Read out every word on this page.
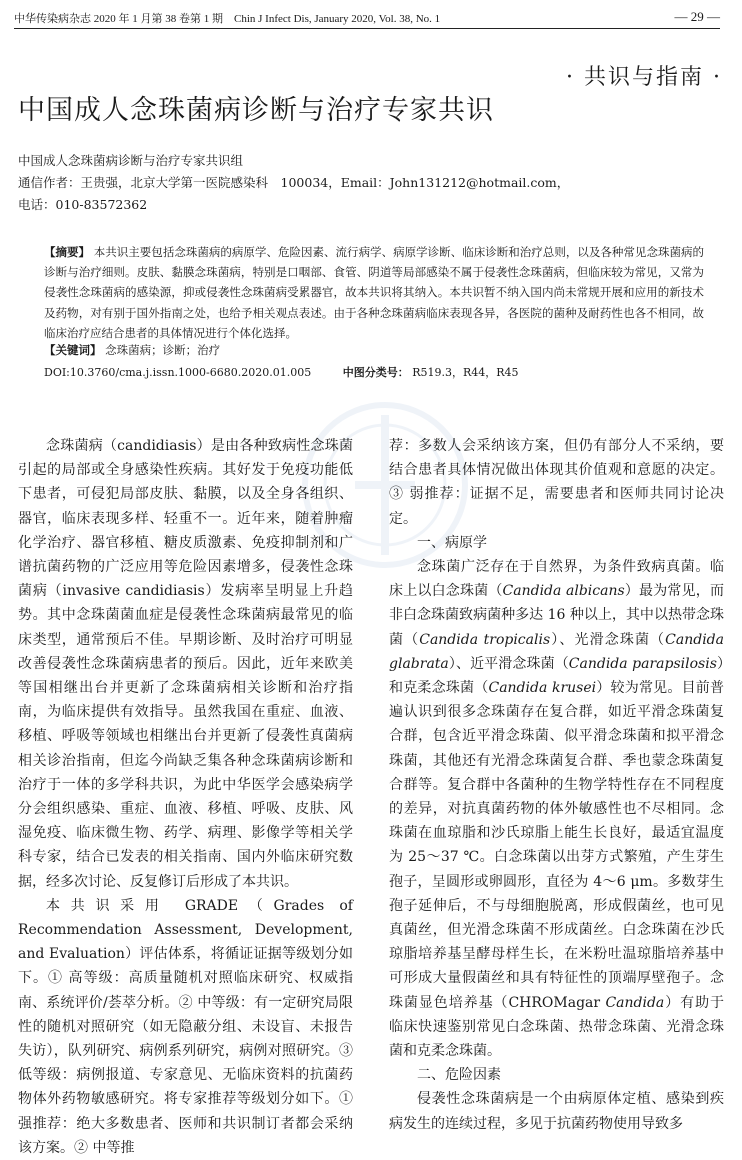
中华传染病杂志 2020 年 1 月第 38 卷第 1 期　Chin J Infect Dis, January 2020, Vol. 38, No. 1	— 29 —
· 共识与指南 ·
中国成人念珠菌病诊断与治疗专家共识
中国成人念珠菌病诊断与治疗专家共识组
通信作者：王贵强，北京大学第一医院感染科　100034，Email：John131212@hotmail.com，
电话：010-83572362
【摘要】 本共识主要包括念珠菌病的病原学、危险因素、流行病学、病原学诊断、临床诊断和治疗总则，以及各种常见念珠菌病的诊断与治疗细则。皮肤、黏膜念珠菌病，特别是口咽部、食管、阴道等局部感染不属于侵袭性念珠菌病，但临床较为常见，又常为侵袭性念珠菌病的感染源，抑或侵袭性念珠菌病受累器官，故本共识将其纳入。本共识暂不纳入国内尚未常规开展和应用的新技术及药物，对有别于国外指南之处，也给予相关观点表述。由于各种念珠菌病临床表现各异，各医院的菌种及耐药性也各不相同，故临床治疗应结合患者的具体情况进行个体化选择。
【关键词】 念珠菌病；诊断；治疗
DOI:10.3760/cma.j.issn.1000-6680.2020.01.005	中图分类号： R519.3，R44，R45

念珠菌病（candidiasis）是由各种致病性念珠菌引起的局部或全身感染性疾病。其好发于免疫功能低下患者，可侵犯局部皮肤、黏膜，以及全身各组织、器官，临床表现多样、轻重不一。近年来，随着肿瘤化学治疗、器官移植、糖皮质激素、免疫抑制剂和广谱抗菌药物的广泛应用等危险因素增多，侵袭性念珠菌病（invasive candidiasis）发病率呈明显上升趋势。其中念珠菌菌血症是侵袭性念珠菌病最常见的临床类型，通常预后不佳。早期诊断、及时治疗可明显改善侵袭性念珠菌病患者的预后。因此，近年来欧美等国相继出台并更新了念珠菌病相关诊断和治疗指南，为临床提供有效指导。虽然我国在重症、血液、移植、呼吸等领域也相继出台并更新了侵袭性真菌病相关诊治指南，但迄今尚缺乏集各种念珠菌病诊断和治疗于一体的多学科共识，为此中华医学会感染病学分会组织感染、重症、血液、移植、呼吸、皮肤、风湿免疫、临床微生物、药学、病理、影像学等相关学科专家，结合已发表的相关指南、国内外临床研究数据，经多次讨论、反复修订后形成了本共识。

本共识采用 GRADE（Grades of Recommendation Assessment, Development, and Evaluation）评估体系，将循证证据等级划分如下。① 高等级：高质量随机对照临床研究、权威指南、系统评价/荟萃分析。② 中等级：有一定研究局限性的随机对照研究（如无隐蔽分组、未设盲、未报告失访），队列研究、病例系列研究，病例对照研究。③ 低等级：病例报道、专家意见、无临床资料的抗菌药物体外药物敏感研究。将专家推荐等级划分如下。① 强推荐：绝大多数患者、医师和共识制订者都会采纳该方案。② 中等推

荐：多数人会采纳该方案，但仍有部分人不采纳，要结合患者具体情况做出体现其价值观和意愿的决定。③ 弱推荐：证据不足，需要患者和医师共同讨论决定。

一、病原学

念珠菌广泛存在于自然界，为条件致病真菌。临床上以白念珠菌（Candida albicans）最为常见，而非白念珠菌致病菌种多达 16 种以上，其中以热带念珠菌（Candida tropicalis）、光滑念珠菌（Candida glabrata）、近平滑念珠菌（Candida parapsilosis）和克柔念珠菌（Candida krusei）较为常见。目前普遍认识到很多念珠菌存在复合群，如近平滑念珠菌复合群，包含近平滑念珠菌、似平滑念珠菌和拟平滑念珠菌，其他还有光滑念珠菌复合群、季也蒙念珠菌复合群等。复合群中各菌种的生物学特性存在不同程度的差异，对抗真菌药物的体外敏感性也不尽相同。念珠菌在血琼脂和沙氏琼脂上能生长良好，最适宜温度为 25～37 ℃。白念珠菌以出芽方式繁殖，产生芽生孢子，呈圆形或卵圆形，直径为 4～6 μm。多数芽生孢子延伸后，不与母细胞脱离，形成假菌丝，也可见真菌丝，但光滑念珠菌不形成菌丝。白念珠菌在沙氏琼脂培养基呈酵母样生长，在米粉吐温琼脂培养基中可形成大量假菌丝和具有特征性的顶端厚壁孢子。念珠菌显色培养基（CHROMagar Candida）有助于临床快速鉴别常见白念珠菌、热带念珠菌、光滑念珠菌和克柔念珠菌。

二、危险因素

侵袭性念珠菌病是一个由病原体定植、感染到疾病发生的连续过程，多见于抗菌药物使用导致多
